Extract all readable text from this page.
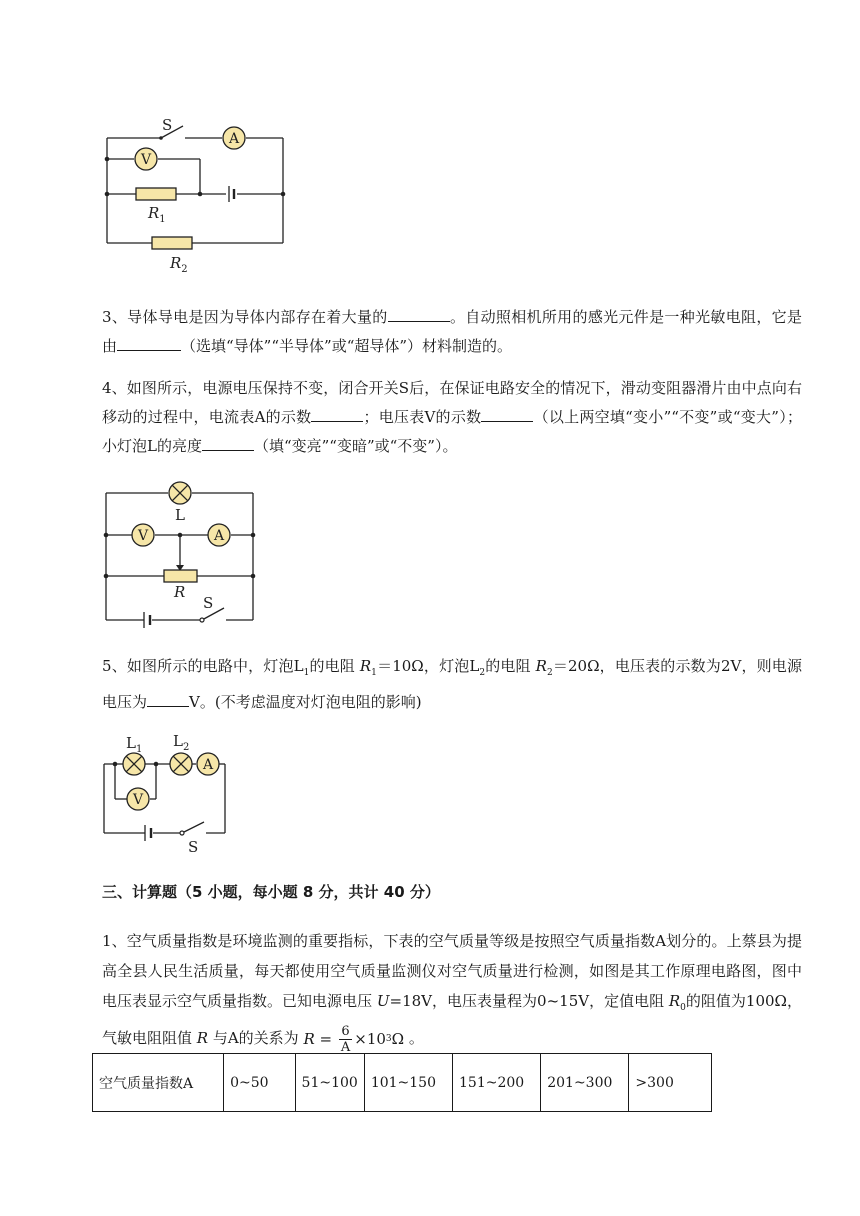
A
V
S
$R_1$
$R_2$

3、导体导电是因为导体内部存在着大量的	。自动照相机所用的感光元件是一种光敏电阻，它是由	（选填“导体”“半导体”或“超导体”）材料制造的。

4、如图所示，电源电压保持不变，闭合开关S后，在保证电路安全的情况下，滑动变阻器滑片由中点向右移动的过程中，电流表A的示数	；电压表V的示数	（以上两空填“变小”“不变”或“变大”）；小灯泡L的亮度	（填“变亮”“变暗”或“不变”）。

L
V	A
R
S

5、如图所示的电路中，灯泡$L_1$的电阻 $R_1=10\Omega$，灯泡$L_2$的电阻 $R_2=20\Omega$，电压表的示数为2V，则电源电压为	V。(不考虑温度对灯泡电阻的影响)

A
V
$L_1$ $L_2$
S

三、计算题（5 小题，每小题 8 分，共计 40 分）

1、空气质量指数是环境监测的重要指标，下表的空气质量等级是按照空气质量指数A划分的。上蔡县为提高全县人民生活质量，每天都使用空气质量监测仪对空气质量进行检测，如图是其工作原理电路图，图中电压表显示空气质量指数。已知电源电压 U=18V，电压表量程为0~15V，定值电阻 $R_0$的阻值为100Ω，气敏电阻阻值 R 与A的关系为 $R = \frac{6}{A} \times 10$ 3 Ω 。

空气质量指数A	0~50	51~100	101~150	151~200	201~300	>300
